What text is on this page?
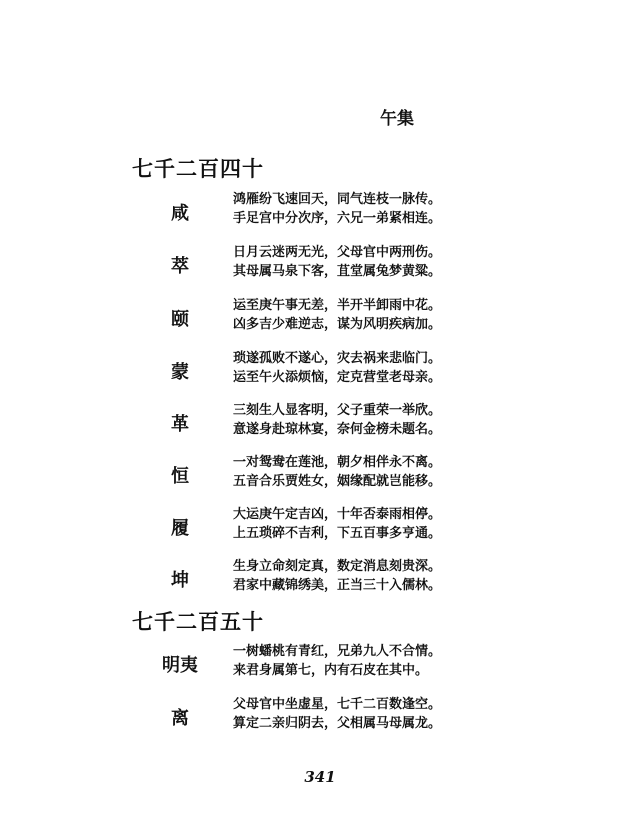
午集
七千二百四十
咸
鸿雁纷飞速回天，同气连枝一脉传。
手足宫中分次序，六兄一弟紧相连。
萃
日月云迷两无光，父母官中两刑伤。
其母属马泉下客，苴堂属兔梦黄粱。
颐
运至庚午事无差，半开半卸雨中花。
凶多吉少难逆志，谋为风明疾病加。
蒙
琐遂孤败不遂心，灾去祸来悲临门。
运至午火添烦恼，定克营堂老母亲。
革
三刻生人显客明，父子重荣一举欣。
意遂身赴琼林宴，奈何金榜未题名。
恒
一对鸳鸯在莲池，朝夕相伴永不离。
五音合乐贾姓女，姻缘配就岂能移。
履
大运庚午定吉凶，十年否泰雨相停。
上五琐碎不吉利，下五百事多亨通。
坤
生身立命刻定真，数定消息刻贵深。
君家中藏锦绣美，正当三十入儒林。
七千二百五十
明夷
一树蟠桃有青红，兄弟九人不合情。
来君身属第七，内有石皮在其中。
离
父母官中坐虚星，七千二百数逢空。
算定二亲归阴去，父相属马母属龙。
341
